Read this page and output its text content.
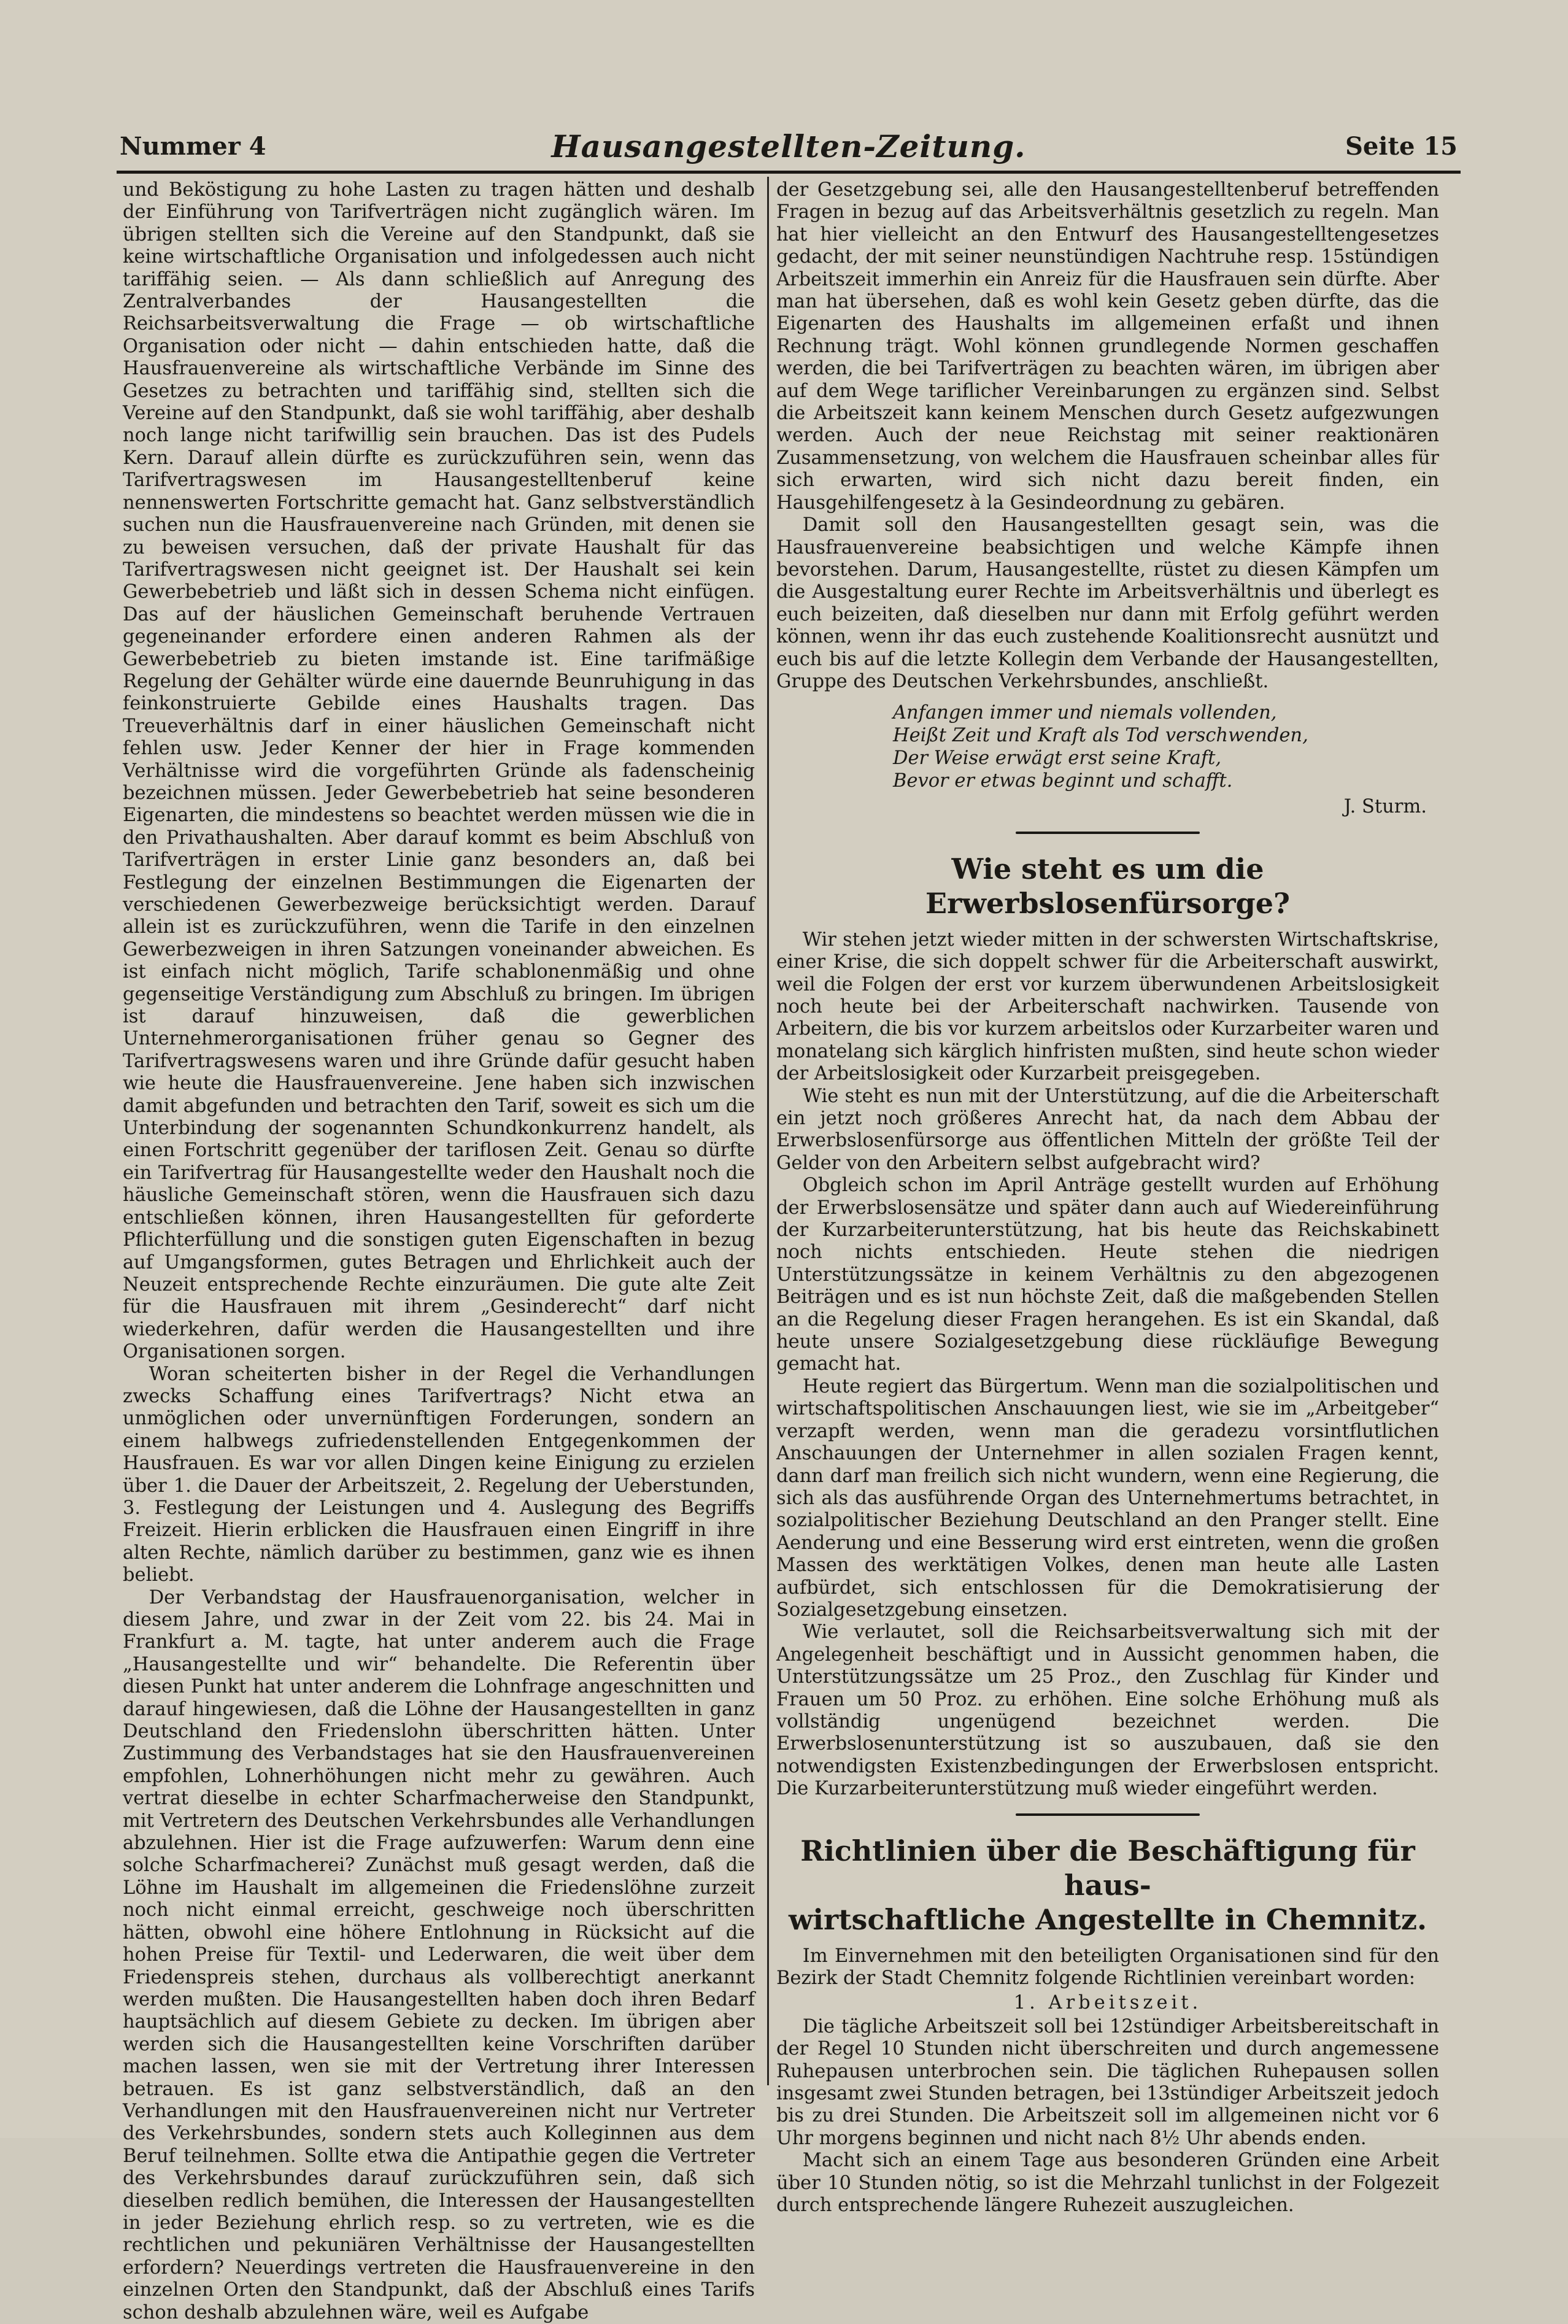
Nummer 4	Hausangestellten-Zeitung.	Seite 15

und Beköstigung zu hohe Lasten zu tragen hätten und deshalb der Einführung von Tarifverträgen nicht zugänglich wären. Im übrigen stellten sich die Vereine auf den Standpunkt, daß sie keine wirtschaftliche Organisation und infolgedessen auch nicht tariffähig seien. — Als dann schließlich auf Anregung des Zentralverbandes der Hausangestellten die Reichsarbeitsverwaltung die Frage — ob wirtschaftliche Organisation oder nicht — dahin entschieden hatte, daß die Hausfrauenvereine als wirtschaftliche Verbände im Sinne des Gesetzes zu betrachten und tariffähig sind, stellten sich die Vereine auf den Standpunkt, daß sie wohl tariffähig, aber deshalb noch lange nicht tarifwillig sein brauchen. Das ist des Pudels Kern. Darauf allein dürfte es zurückzuführen sein, wenn das Tarifvertragswesen im Hausangestelltenberuf keine nennenswerten Fortschritte gemacht hat. Ganz selbstverständlich suchen nun die Hausfrauenvereine nach Gründen, mit denen sie zu beweisen versuchen, daß der private Haushalt für das Tarifvertragswesen nicht geeignet ist. Der Haushalt sei kein Gewerbebetrieb und läßt sich in dessen Schema nicht einfügen. Das auf der häuslichen Gemeinschaft beruhende Vertrauen gegeneinander erfordere einen anderen Rahmen als der Gewerbebetrieb zu bieten imstande ist. Eine tarifmäßige Regelung der Gehälter würde eine dauernde Beunruhigung in das feinkonstruierte Gebilde eines Haushalts tragen. Das Treueverhältnis darf in einer häuslichen Gemeinschaft nicht fehlen usw. Jeder Kenner der hier in Frage kommenden Verhältnisse wird die vorgeführten Gründe als fadenscheinig bezeichnen müssen. Jeder Gewerbebetrieb hat seine besonderen Eigenarten, die mindestens so beachtet werden müssen wie die in den Privathaushalten. Aber darauf kommt es beim Abschluß von Tarifverträgen in erster Linie ganz besonders an, daß bei Festlegung der einzelnen Bestimmungen die Eigenarten der verschiedenen Gewerbezweige berücksichtigt werden. Darauf allein ist es zurückzuführen, wenn die Tarife in den einzelnen Gewerbezweigen in ihren Satzungen voneinander abweichen. Es ist einfach nicht möglich, Tarife schablonenmäßig und ohne gegenseitige Verständigung zum Abschluß zu bringen. Im übrigen ist darauf hinzuweisen, daß die gewerblichen Unternehmerorganisationen früher genau so Gegner des Tarifvertragswesens waren und ihre Gründe dafür gesucht haben wie heute die Hausfrauenvereine. Jene haben sich inzwischen damit abgefunden und betrachten den Tarif, soweit es sich um die Unterbindung der sogenannten Schundkonkurrenz handelt, als einen Fortschritt gegenüber der tariflosen Zeit. Genau so dürfte ein Tarifvertrag für Hausangestellte weder den Haushalt noch die häusliche Gemeinschaft stören, wenn die Hausfrauen sich dazu entschließen können, ihren Hausangestellten für geforderte Pflichterfüllung und die sonstigen guten Eigenschaften in bezug auf Umgangsformen, gutes Betragen und Ehrlichkeit auch der Neuzeit entsprechende Rechte einzuräumen. Die gute alte Zeit für die Hausfrauen mit ihrem „Gesinderecht“ darf nicht wiederkehren, dafür werden die Hausangestellten und ihre Organisationen sorgen.

Woran scheiterten bisher in der Regel die Verhandlungen zwecks Schaffung eines Tarifvertrags? Nicht etwa an unmöglichen oder unvernünftigen Forderungen, sondern an einem halbwegs zufriedenstellenden Entgegenkommen der Hausfrauen. Es war vor allen Dingen keine Einigung zu erzielen über 1. die Dauer der Arbeitszeit, 2. Regelung der Ueberstunden, 3. Festlegung der Leistungen und 4. Auslegung des Begriffs Freizeit. Hierin erblicken die Hausfrauen einen Eingriff in ihre alten Rechte, nämlich darüber zu bestimmen, ganz wie es ihnen beliebt.

Der Verbandstag der Hausfrauenorganisation, welcher in diesem Jahre, und zwar in der Zeit vom 22. bis 24. Mai in Frankfurt a. M. tagte, hat unter anderem auch die Frage „Hausangestellte und wir“ behandelte. Die Referentin über diesen Punkt hat unter anderem die Lohnfrage angeschnitten und darauf hingewiesen, daß die Löhne der Hausangestellten in ganz Deutschland den Friedenslohn überschritten hätten. Unter Zustimmung des Verbandstages hat sie den Hausfrauenvereinen empfohlen, Lohnerhöhungen nicht mehr zu gewähren. Auch vertrat dieselbe in echter Scharfmacherweise den Standpunkt, mit Vertretern des Deutschen Verkehrsbundes alle Verhandlungen abzulehnen. Hier ist die Frage aufzuwerfen: Warum denn eine solche Scharfmacherei? Zunächst muß gesagt werden, daß die Löhne im Haushalt im allgemeinen die Friedenslöhne zurzeit noch nicht einmal erreicht, geschweige noch überschritten hätten, obwohl eine höhere Entlohnung in Rücksicht auf die hohen Preise für Textil- und Lederwaren, die weit über dem Friedenspreis stehen, durchaus als vollberechtigt anerkannt werden mußten. Die Hausangestellten haben doch ihren Bedarf hauptsächlich auf diesem Gebiete zu decken. Im übrigen aber werden sich die Hausangestellten keine Vorschriften darüber machen lassen, wen sie mit der Vertretung ihrer Interessen betrauen. Es ist ganz selbstverständlich, daß an den Verhandlungen mit den Hausfrauenvereinen nicht nur Vertreter des Verkehrsbundes, sondern stets auch Kolleginnen aus dem Beruf teilnehmen. Sollte etwa die Antipathie gegen die Vertreter des Verkehrsbundes darauf zurückzuführen sein, daß sich dieselben redlich bemühen, die Interessen der Hausangestellten in jeder Beziehung ehrlich resp. so zu vertreten, wie es die rechtlichen und pekuniären Verhältnisse der Hausangestellten erfordern? Neuerdings vertreten die Hausfrauenvereine in den einzelnen Orten den Standpunkt, daß der Abschluß eines Tarifs schon deshalb abzulehnen wäre, weil es Aufgabe

der Gesetzgebung sei, alle den Hausangestelltenberuf betreffenden Fragen in bezug auf das Arbeitsverhältnis gesetzlich zu regeln. Man hat hier vielleicht an den Entwurf des Hausangestelltengesetzes gedacht, der mit seiner neunstündigen Nachtruhe resp. 15stündigen Arbeitszeit immerhin ein Anreiz für die Hausfrauen sein dürfte. Aber man hat übersehen, daß es wohl kein Gesetz geben dürfte, das die Eigenarten des Haushalts im allgemeinen erfaßt und ihnen Rechnung trägt. Wohl können grundlegende Normen geschaffen werden, die bei Tarifverträgen zu beachten wären, im übrigen aber auf dem Wege tariflicher Vereinbarungen zu ergänzen sind. Selbst die Arbeitszeit kann keinem Menschen durch Gesetz aufgezwungen werden. Auch der neue Reichstag mit seiner reaktionären Zusammensetzung, von welchem die Hausfrauen scheinbar alles für sich erwarten, wird sich nicht dazu bereit finden, ein Hausgehilfengesetz à la Gesindeordnung zu gebären.

Damit soll den Hausangestellten gesagt sein, was die Hausfrauenvereine beabsichtigen und welche Kämpfe ihnen bevorstehen. Darum, Hausangestellte, rüstet zu diesen Kämpfen um die Ausgestaltung eurer Rechte im Arbeitsverhältnis und überlegt es euch beizeiten, daß dieselben nur dann mit Erfolg geführt werden können, wenn ihr das euch zustehende Koalitionsrecht ausnützt und euch bis auf die letzte Kollegin dem Verbande der Hausangestellten, Gruppe des Deutschen Verkehrsbundes, anschließt.

Anfangen immer und niemals vollenden,
Heißt Zeit und Kraft als Tod verschwenden,
Der Weise erwägt erst seine Kraft,
Bevor er etwas beginnt und schafft.
J. Sturm.
Wie steht es um die Erwerbslosenfürsorge?

Wir stehen jetzt wieder mitten in der schwersten Wirtschaftskrise, einer Krise, die sich doppelt schwer für die Arbeiterschaft auswirkt, weil die Folgen der erst vor kurzem überwundenen Arbeitslosigkeit noch heute bei der Arbeiterschaft nachwirken. Tausende von Arbeitern, die bis vor kurzem arbeitslos oder Kurzarbeiter waren und monatelang sich kärglich hinfristen mußten, sind heute schon wieder der Arbeitslosigkeit oder Kurzarbeit preisgegeben.

Wie steht es nun mit der Unterstützung, auf die die Arbeiterschaft ein jetzt noch größeres Anrecht hat, da nach dem Abbau der Erwerbslosenfürsorge aus öffentlichen Mitteln der größte Teil der Gelder von den Arbeitern selbst aufgebracht wird?

Obgleich schon im April Anträge gestellt wurden auf Erhöhung der Erwerbslosensätze und später dann auch auf Wiedereinführung der Kurzarbeiterunterstützung, hat bis heute das Reichskabinett noch nichts entschieden. Heute stehen die niedrigen Unterstützungssätze in keinem Verhältnis zu den abgezogenen Beiträgen und es ist nun höchste Zeit, daß die maßgebenden Stellen an die Regelung dieser Fragen herangehen. Es ist ein Skandal, daß heute unsere Sozialgesetzgebung diese rückläufige Bewegung gemacht hat.

Heute regiert das Bürgertum. Wenn man die sozialpolitischen und wirtschaftspolitischen Anschauungen liest, wie sie im „Arbeitgeber“ verzapft werden, wenn man die geradezu vorsintflutlichen Anschauungen der Unternehmer in allen sozialen Fragen kennt, dann darf man freilich sich nicht wundern, wenn eine Regierung, die sich als das ausführende Organ des Unternehmertums betrachtet, in sozialpolitischer Beziehung Deutschland an den Pranger stellt. Eine Aenderung und eine Besserung wird erst eintreten, wenn die großen Massen des werktätigen Volkes, denen man heute alle Lasten aufbürdet, sich entschlossen für die Demokratisierung der Sozialgesetzgebung einsetzen.

Wie verlautet, soll die Reichsarbeitsverwaltung sich mit der Angelegenheit beschäftigt und in Aussicht genommen haben, die Unterstützungssätze um 25 Proz., den Zuschlag für Kinder und Frauen um 50 Proz. zu erhöhen. Eine solche Erhöhung muß als vollständig ungenügend bezeichnet werden. Die Erwerbslosenunterstützung ist so auszubauen, daß sie den notwendigsten Existenzbedingungen der Erwerbslosen entspricht. Die Kurzarbeiterunterstützung muß wieder eingeführt werden.

Richtlinien über die Beschäftigung für haus-
wirtschaftliche Angestellte in Chemnitz.

Im Einvernehmen mit den beteiligten Organisationen sind für den Bezirk der Stadt Chemnitz folgende Richtlinien vereinbart worden:

1. Arbeitszeit.

Die tägliche Arbeitszeit soll bei 12stündiger Arbeitsbereitschaft in der Regel 10 Stunden nicht überschreiten und durch angemessene Ruhepausen unterbrochen sein. Die täglichen Ruhepausen sollen insgesamt zwei Stunden betragen, bei 13stündiger Arbeitszeit jedoch bis zu drei Stunden. Die Arbeitszeit soll im allgemeinen nicht vor 6 Uhr morgens beginnen und nicht nach 8½ Uhr abends enden.

Macht sich an einem Tage aus besonderen Gründen eine Arbeit über 10 Stunden nötig, so ist die Mehrzahl tunlichst in der Folgezeit durch entsprechende längere Ruhezeit auszugleichen.
